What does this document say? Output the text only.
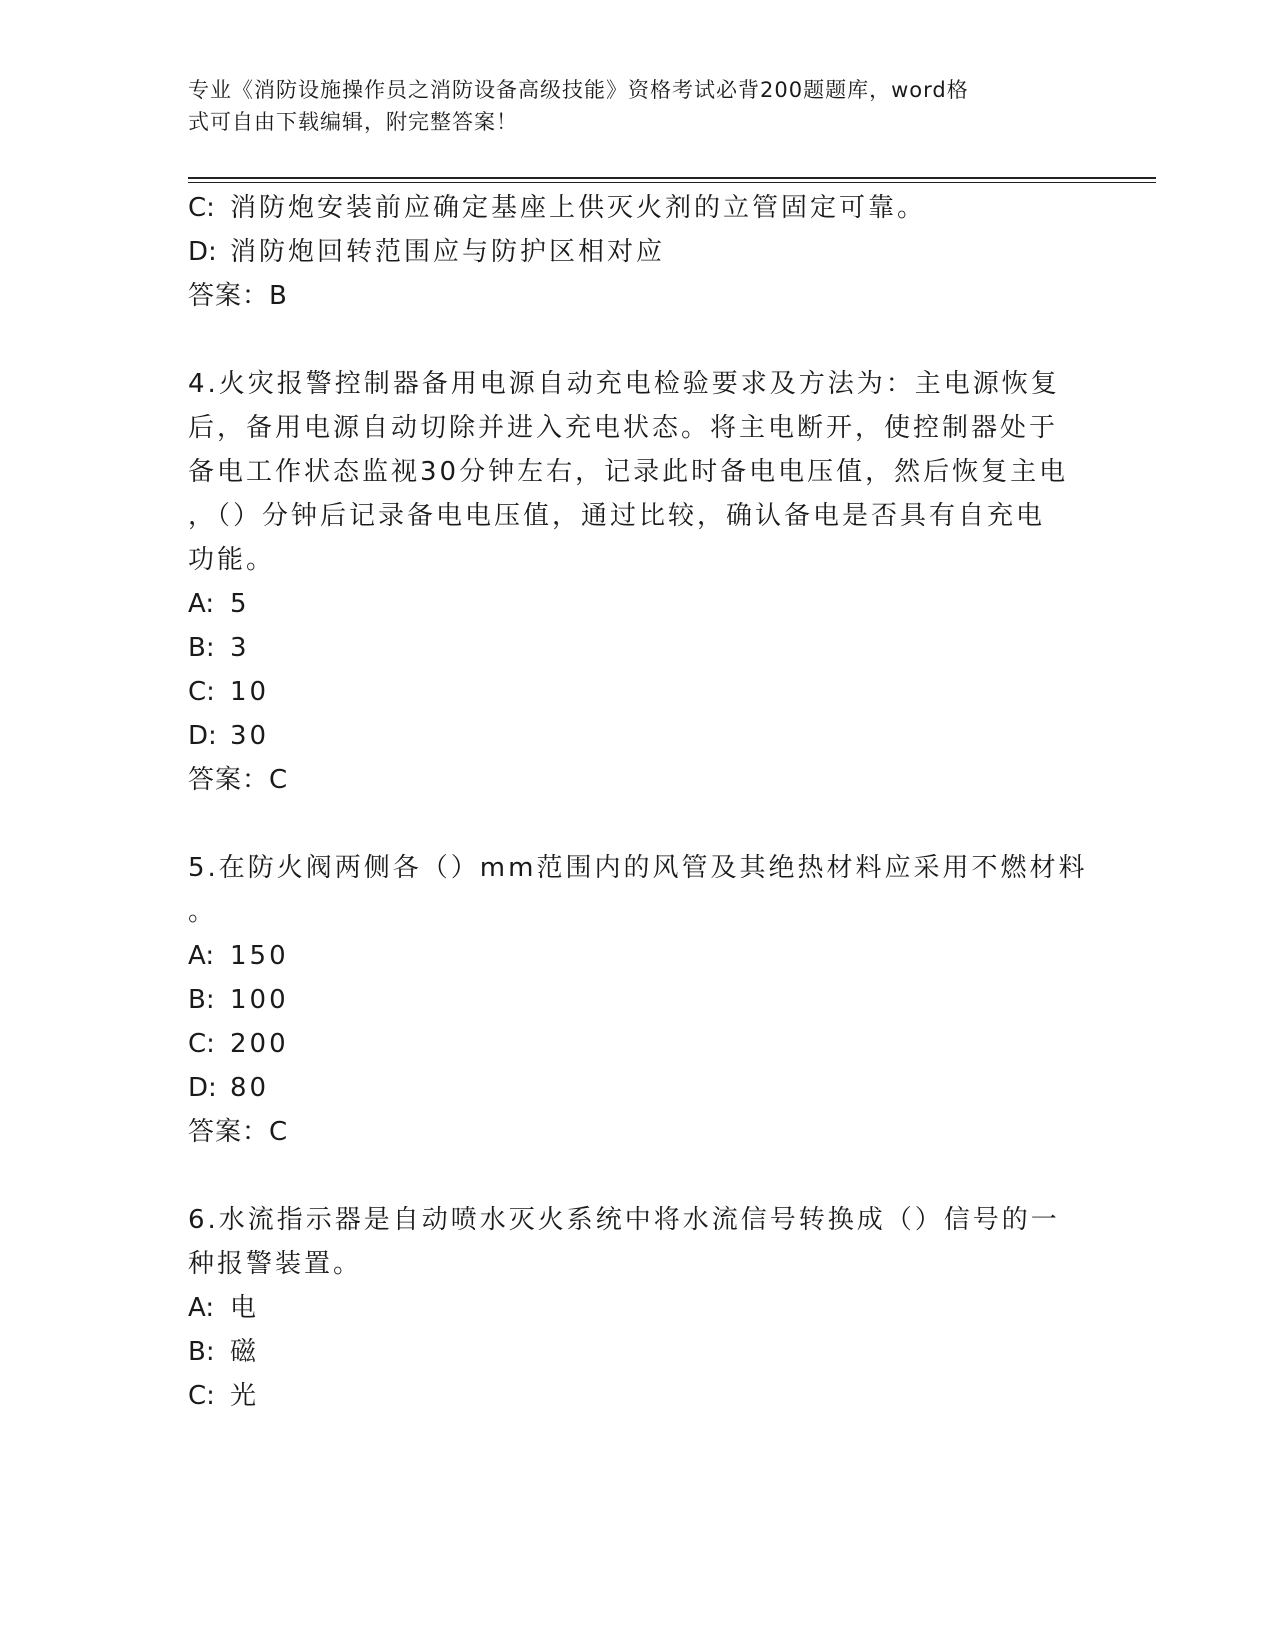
专业《消防设施操作员之消防设备高级技能》资格考试必背200题题库，word格
式可自由下载编辑，附完整答案！
C: 消防炮安装前应确定基座上供灭火剂的立管固定可靠。
D: 消防炮回转范围应与防护区相对应
答案：B
4.火灾报警控制器备用电源自动充电检验要求及方法为：主电源恢复
后，备用电源自动切除并进入充电状态。将主电断开，使控制器处于
备电工作状态监视30分钟左右，记录此时备电电压值，然后恢复主电
，（）分钟后记录备电电压值，通过比较，确认备电是否具有自充电
功能。
A: 5
B: 3
C: 10
D: 30
答案：C
5.在防火阀两侧各（）mm范围内的风管及其绝热材料应采用不燃材料
。
A: 150
B: 100
C: 200
D: 80
答案：C
6.水流指示器是自动喷水灭火系统中将水流信号转换成（）信号的一
种报警装置。
A: 电
B: 磁
C: 光
